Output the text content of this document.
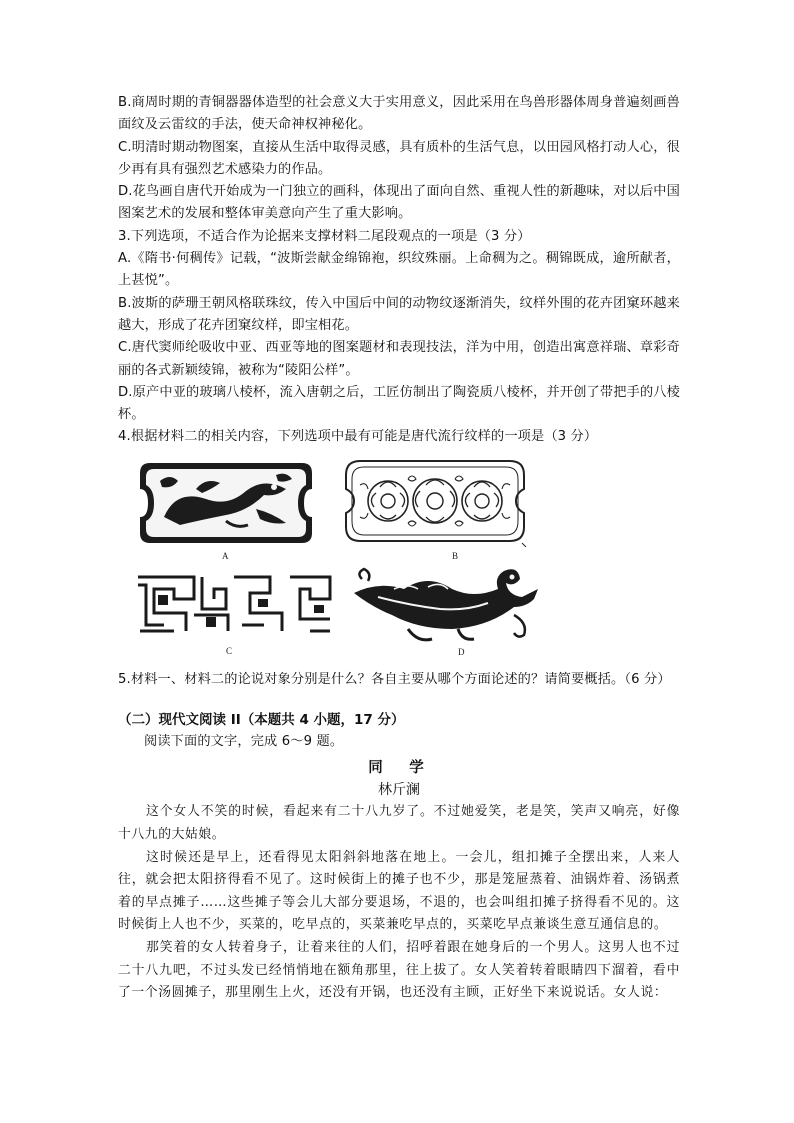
B.商周时期的青铜器器体造型的社会意义大于实用意义，因此采用在鸟兽形器体周身普遍刻画兽面纹及云雷纹的手法，使天命神权神秘化。

C.明清时期动物图案，直接从生活中取得灵感，具有质朴的生活气息，以田园风格打动人心，很少再有具有强烈艺术感染力的作品。

D.花鸟画自唐代开始成为一门独立的画科，体现出了面向自然、重视人性的新趣味，对以后中国图案艺术的发展和整体审美意向产生了重大影响。

3.下列选项，不适合作为论据来支撑材料二尾段观点的一项是（3 分）

A.《隋书·何稠传》记载，“波斯尝献金绵锦袍，织纹殊丽。上命稠为之。稠锦既成，逾所献者，上甚悦”。

B.波斯的萨珊王朝风格联珠纹，传入中国后中间的动物纹逐渐消失，纹样外围的花卉团窠环越来越大，形成了花卉团窠纹样，即宝相花。

C.唐代窦师纶吸收中亚、西亚等地的图案题材和表现技法，洋为中用，创造出寓意祥瑞、章彩奇丽的各式新颖绫锦，被称为“陵阳公样”。

D.原产中亚的玻璃八棱杯，流入唐朝之后，工匠仿制出了陶瓷质八棱杯，并开创了带把手的八棱杯。

4.根据材料二的相关内容，下列选项中最有可能是唐代流行纹样的一项是（3 分）

A	B
C	D

5.材料一、材料二的论说对象分别是什么？各自主要从哪个方面论述的？请简要概括。（6 分）

（二）现代文阅读 II（本题共 4 小题，17 分）

阅读下面的文字，完成 6～9 题。

同　学

林斤澜

这个女人不笑的时候，看起来有二十八九岁了。不过她爱笑，老是笑，笑声又响亮，好像十八九的大姑娘。

这时候还是早上，还看得见太阳斜斜地落在地上。一会儿，组扣摊子全摆出来，人来人往，就会把太阳挤得看不见了。这时候街上的摊子也不少，那是笼屉蒸着、油锅炸着、汤锅煮着的早点摊子……这些摊子等会儿大部分要退场，不退的，也会叫组扣摊子挤得看不见的。这时候街上人也不少，买菜的，吃早点的，买菜兼吃早点的，买菜吃早点兼谈生意互通信息的。

那笑着的女人转着身子，让着来往的人们，招呼着跟在她身后的一个男人。这男人也不过二十八九吧，不过头发已经悄悄地在额角那里，往上拔了。女人笑着转着眼睛四下溜着，看中了一个汤圆摊子，那里刚生上火，还没有开锅，也还没有主顾，正好坐下来说说话。女人说：
